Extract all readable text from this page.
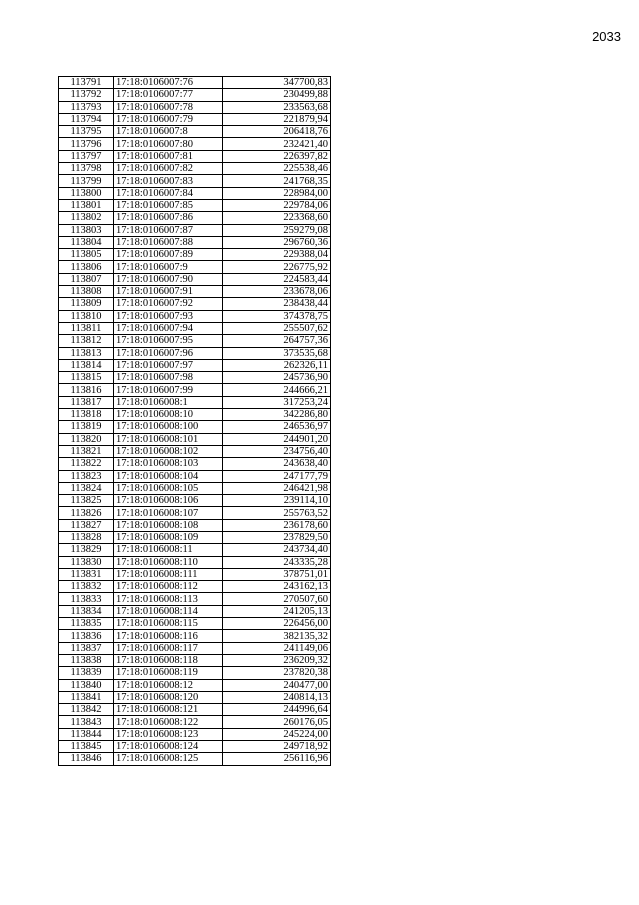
2033
113791	17:18:0106007:76	347700,83
113792	17:18:0106007:77	230499,88
113793	17:18:0106007:78	233563,68
113794	17:18:0106007:79	221879,94
113795	17:18:0106007:8	206418,76
113796	17:18:0106007:80	232421,40
113797	17:18:0106007:81	226397,82
113798	17:18:0106007:82	225538,46
113799	17:18:0106007:83	241768,35
113800	17:18:0106007:84	228984,00
113801	17:18:0106007:85	229784,06
113802	17:18:0106007:86	223368,60
113803	17:18:0106007:87	259279,08
113804	17:18:0106007:88	296760,36
113805	17:18:0106007:89	229388,04
113806	17:18:0106007:9	226775,92
113807	17:18:0106007:90	224583,44
113808	17:18:0106007:91	233678,06
113809	17:18:0106007:92	238438,44
113810	17:18:0106007:93	374378,75
113811	17:18:0106007:94	255507,62
113812	17:18:0106007:95	264757,36
113813	17:18:0106007:96	373535,68
113814	17:18:0106007:97	262326,11
113815	17:18:0106007:98	245736,90
113816	17:18:0106007:99	244666,21
113817	17:18:0106008:1	317253,24
113818	17:18:0106008:10	342286,80
113819	17:18:0106008:100	246536,97
113820	17:18:0106008:101	244901,20
113821	17:18:0106008:102	234756,40
113822	17:18:0106008:103	243638,40
113823	17:18:0106008:104	247177,79
113824	17:18:0106008:105	246421,98
113825	17:18:0106008:106	239114,10
113826	17:18:0106008:107	255763,52
113827	17:18:0106008:108	236178,60
113828	17:18:0106008:109	237829,50
113829	17:18:0106008:11	243734,40
113830	17:18:0106008:110	243335,28
113831	17:18:0106008:111	378751,01
113832	17:18:0106008:112	243162,13
113833	17:18:0106008:113	270507,60
113834	17:18:0106008:114	241205,13
113835	17:18:0106008:115	226456,00
113836	17:18:0106008:116	382135,32
113837	17:18:0106008:117	241149,06
113838	17:18:0106008:118	236209,32
113839	17:18:0106008:119	237820,38
113840	17:18:0106008:12	240477,00
113841	17:18:0106008:120	240814,13
113842	17:18:0106008:121	244996,64
113843	17:18:0106008:122	260176,05
113844	17:18:0106008:123	245224,00
113845	17:18:0106008:124	249718,92
113846	17:18:0106008:125	256116,96
